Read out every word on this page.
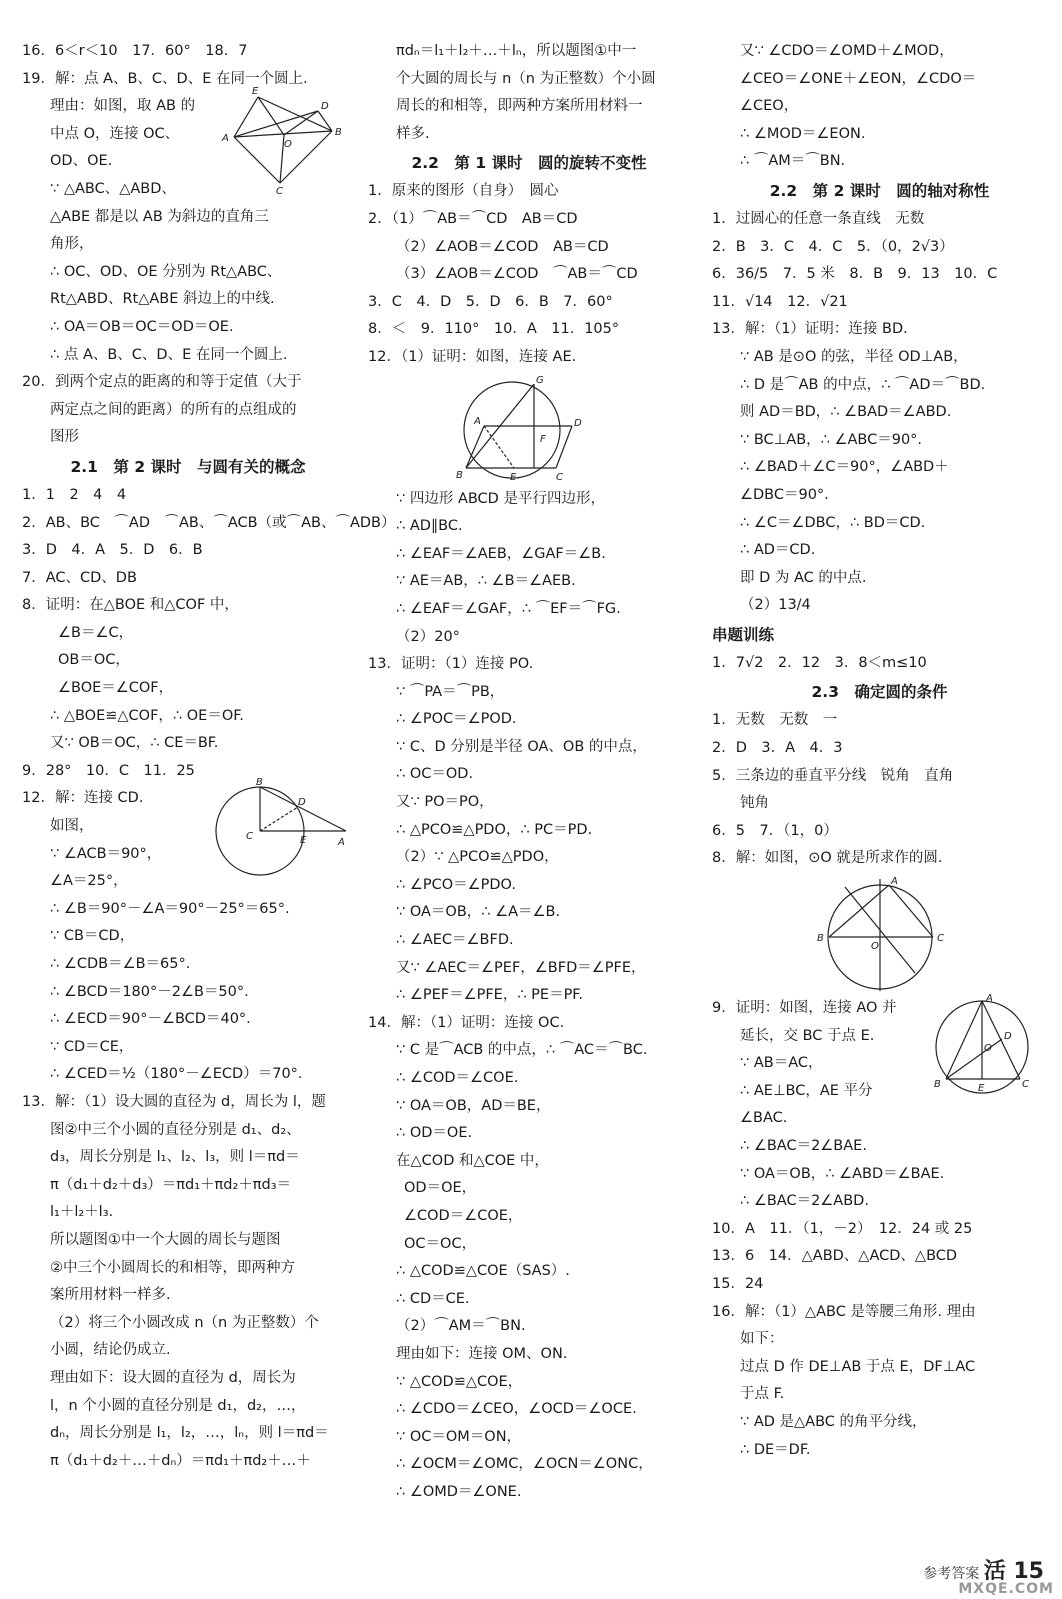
16．6＜r＜10　17．60°　18．7
19．解：点 A、B、C、D、E 在同一个圆上.
理由：如图，取 AB 的
中点 O，连接 OC、
OD、OE.
∵ △ABC、△ABD、
A
B
E
D
C
O
△ABE 都是以 AB 为斜边的直角三
角形，
∴ OC、OD、OE 分别为 Rt△ABC、
Rt△ABD、Rt△ABE 斜边上的中线.
∴ OA＝OB＝OC＝OD＝OE.
∴ 点 A、B、C、D、E 在同一个圆上.
20．到两个定点的距离的和等于定值（大于
两定点之间的距离）的所有的点组成的
图形
2.1　第 2 课时　与圆有关的概念
1．1　2　4　4
2．AB、BC　⌒AD　⌒AB、⌒ACB（或⌒AB、⌒ADB）
3．D　4．A　5．D　6．B
7．AC、CD、DB
8．证明：在△BOE 和△COF 中，
∠B＝∠C，
OB＝OC，
∠BOE＝∠COF，
∴ △BOE≌△COF，∴ OE＝OF.
又∵ OB＝OC，∴ CE＝BF.
9．28°　10．C　11．25
12．解：连接 CD.
如图，
∵ ∠ACB＝90°，
∠A＝25°，
B
C
D
E	A
∴ ∠B＝90°－∠A＝90°－25°＝65°.
∵ CB＝CD，
∴ ∠CDB＝∠B＝65°.
∴ ∠BCD＝180°－2∠B＝50°.
∴ ∠ECD＝90°－∠BCD＝40°.
∵ CD＝CE，
∴ ∠CED＝½（180°－∠ECD）＝70°.
13．解：（1）设大圆的直径为 d，周长为 l，题
图②中三个小圆的直径分别是 d₁、d₂、
d₃，周长分别是 l₁、l₂、l₃，则 l＝πd＝
π（d₁＋d₂＋d₃）＝πd₁＋πd₂＋πd₃＝
l₁＋l₂＋l₃.
所以题图①中一个大圆的周长与题图
②中三个小圆周长的和相等，即两种方
案所用材料一样多.
（2）将三个小圆改成 n（n 为正整数）个
小圆，结论仍成立.
理由如下：设大圆的直径为 d，周长为
l，n 个小圆的直径分别是 d₁，d₂，…，
dₙ，周长分别是 l₁，l₂，…，lₙ，则 l＝πd＝
π（d₁＋d₂＋…＋dₙ）＝πd₁＋πd₂＋…＋
πdₙ＝l₁＋l₂＋…＋lₙ，所以题图①中一
个大圆的周长与 n（n 为正整数）个小圆
周长的和相等，即两种方案所用材料一
样多.
2.2　第 1 课时　圆的旋转不变性
1．原来的图形（自身）　圆心
2．（1）⌒AB＝⌒CD　AB＝CD
（2）∠AOB＝∠COD　AB＝CD
（3）∠AOB＝∠COD　⌒AB＝⌒CD
3．C　4．D　5．D　6．B　7．60°
8．＜　9．110°　10．A　11．105°
12．（1）证明：如图，连接 AE.
G
A	D
F
B	E	C
∵ 四边形 ABCD 是平行四边形，
∴ AD∥BC.
∴ ∠EAF＝∠AEB，∠GAF＝∠B.
∵ AE＝AB，∴ ∠B＝∠AEB.
∴ ∠EAF＝∠GAF，∴ ⌒EF＝⌒FG.
（2）20°
13．证明：（1）连接 PO.
∵ ⌒PA＝⌒PB，
∴ ∠POC＝∠POD.
∵ C、D 分别是半径 OA、OB 的中点，
∴ OC＝OD.
又∵ PO＝PO，
∴ △PCO≌△PDO，∴ PC＝PD.
（2）∵ △PCO≌△PDO，
∴ ∠PCO＝∠PDO.
∵ OA＝OB，∴ ∠A＝∠B.
∴ ∠AEC＝∠BFD.
又∵ ∠AEC＝∠PEF，∠BFD＝∠PFE，
∴ ∠PEF＝∠PFE，∴ PE＝PF.
14．解：（1）证明：连接 OC.
∵ C 是⌒ACB 的中点，∴ ⌒AC＝⌒BC.
∴ ∠COD＝∠COE.
∵ OA＝OB，AD＝BE，
∴ OD＝OE.
在△COD 和△COE 中，
OD＝OE，
∠COD＝∠COE，
OC＝OC，
∴ △COD≌△COE（SAS）.
∴ CD＝CE.
（2）⌒AM＝⌒BN.
理由如下：连接 OM、ON.
∵ △COD≌△COE，
∴ ∠CDO＝∠CEO，∠OCD＝∠OCE.
∵ OC＝OM＝ON，
∴ ∠OCM＝∠OMC，∠OCN＝∠ONC，
∴ ∠OMD＝∠ONE.
又∵ ∠CDO＝∠OMD＋∠MOD，
∠CEO＝∠ONE＋∠EON，∠CDO＝
∠CEO，
∴ ∠MOD＝∠EON.
∴ ⌒AM＝⌒BN.
2.2　第 2 课时　圆的轴对称性
1．过圆心的任意一条直线　无数
2．B　3．C　4．C　5．（0，2√3）
6．36/5　7．5 米　8．B　9．13　10．C
11．√14　12．√21
13．解：（1）证明：连接 BD.
∵ AB 是⊙O 的弦，半径 OD⊥AB，
∴ D 是⌒AB 的中点，∴ ⌒AD＝⌒BD.
则 AD＝BD，∴ ∠BAD＝∠ABD.
∵ BC⊥AB，∴ ∠ABC＝90°.
∴ ∠BAD＋∠C＝90°，∠ABD＋
∠DBC＝90°.
∴ ∠C＝∠DBC，∴ BD＝CD.
∴ AD＝CD.
即 D 为 AC 的中点.
（2）13/4
串题训练
1．7√2　2．12　3．8＜m≤10
2.3　确定圆的条件
1．无数　无数　一
2．D　3．A　4．3
5．三条边的垂直平分线　锐角　直角
钝角
6．5　7．（1，0）
8．解：如图，⊙O 就是所求作的圆.
A
B	C
O
9．证明：如图，连接 AO 并
延长，交 BC 于点 E.
∵ AB＝AC，
∴ AE⊥BC，AE 平分
∠BAC.
A
B	C
E
O
D
∴ ∠BAC＝2∠BAE.
∵ OA＝OB，∴ ∠ABD＝∠BAE.
∴ ∠BAC＝2∠ABD.
10．A　11．（1，－2）　12．24 或 25
13．6　14．△ABD、△ACD、△BCD
15．24
16．解：（1）△ABC 是等腰三角形. 理由
如下：
过点 D 作 DE⊥AB 于点 E，DF⊥AC
于点 F.
∵ AD 是△ABC 的角平分线，
∴ DE＝DF.
参考答案 活 15
MXQE.COM
